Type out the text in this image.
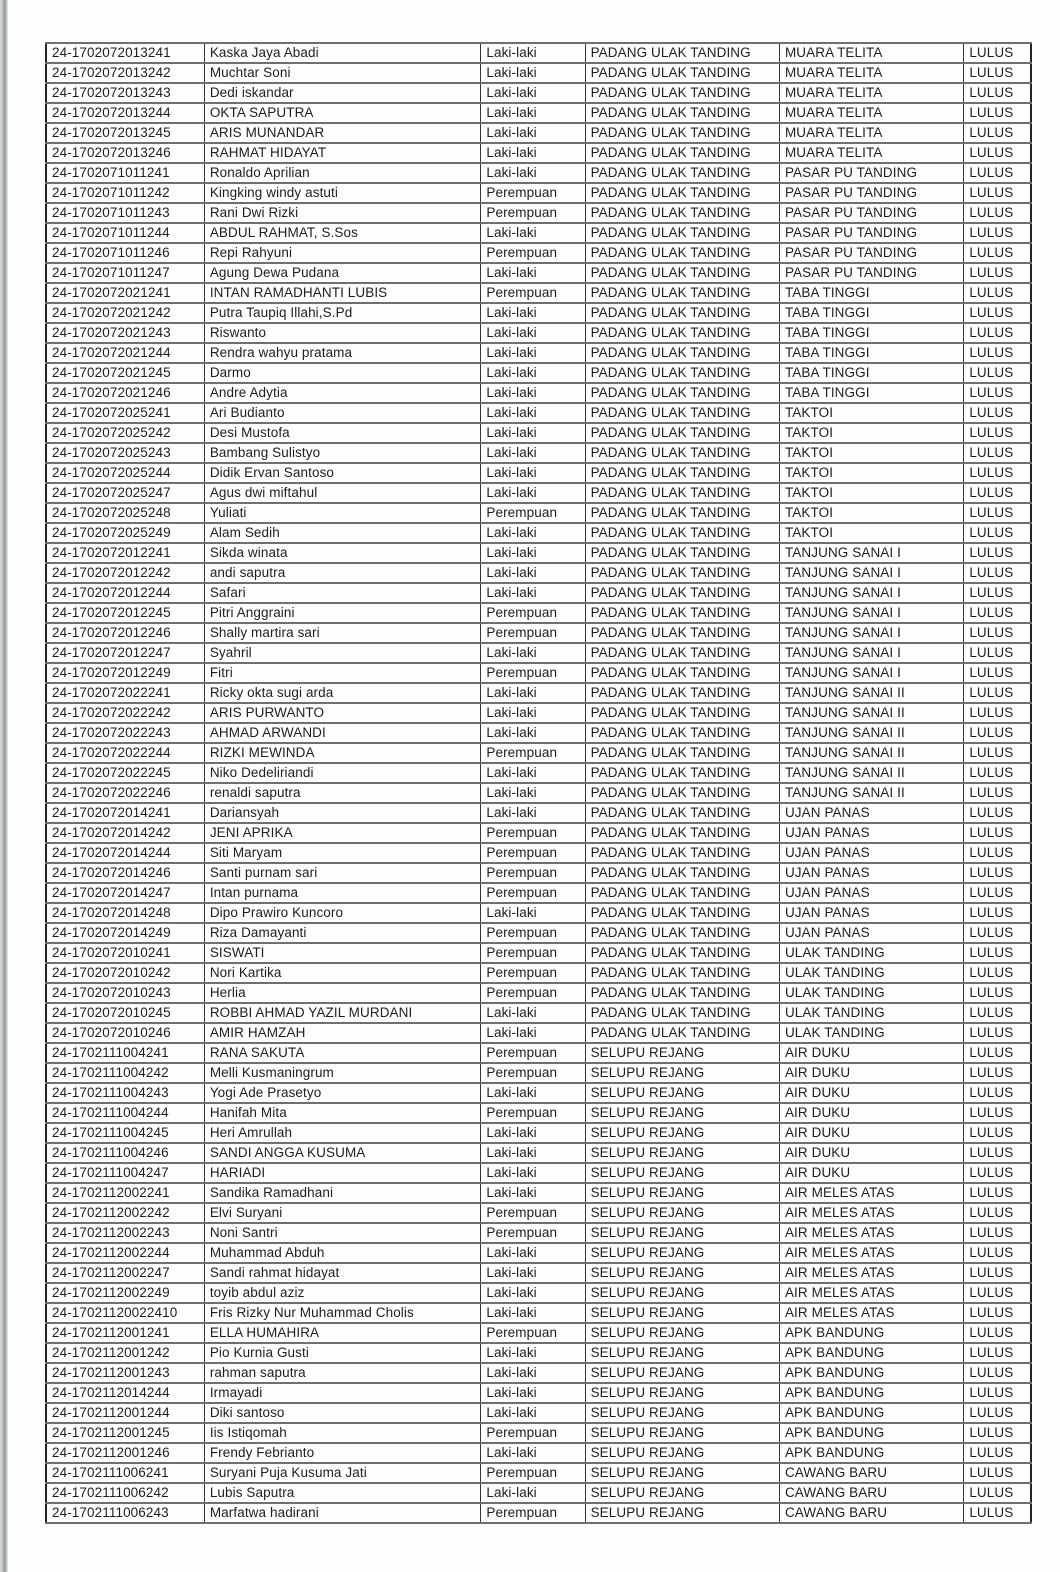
24-1702072013241	Kaska Jaya Abadi	Laki-laki	PADANG ULAK TANDING	MUARA TELITA	LULUS
24-1702072013242	Muchtar Soni	Laki-laki	PADANG ULAK TANDING	MUARA TELITA	LULUS
24-1702072013243	Dedi iskandar	Laki-laki	PADANG ULAK TANDING	MUARA TELITA	LULUS
24-1702072013244	OKTA SAPUTRA	Laki-laki	PADANG ULAK TANDING	MUARA TELITA	LULUS
24-1702072013245	ARIS MUNANDAR	Laki-laki	PADANG ULAK TANDING	MUARA TELITA	LULUS
24-1702072013246	RAHMAT HIDAYAT	Laki-laki	PADANG ULAK TANDING	MUARA TELITA	LULUS
24-1702071011241	Ronaldo Aprilian	Laki-laki	PADANG ULAK TANDING	PASAR PU TANDING	LULUS
24-1702071011242	Kingking windy astuti	Perempuan	PADANG ULAK TANDING	PASAR PU TANDING	LULUS
24-1702071011243	Rani Dwi Rizki	Perempuan	PADANG ULAK TANDING	PASAR PU TANDING	LULUS
24-1702071011244	ABDUL RAHMAT, S.Sos	Laki-laki	PADANG ULAK TANDING	PASAR PU TANDING	LULUS
24-1702071011246	Repi Rahyuni	Perempuan	PADANG ULAK TANDING	PASAR PU TANDING	LULUS
24-1702071011247	Agung Dewa Pudana	Laki-laki	PADANG ULAK TANDING	PASAR PU TANDING	LULUS
24-1702072021241	INTAN RAMADHANTI LUBIS	Perempuan	PADANG ULAK TANDING	TABA TINGGI	LULUS
24-1702072021242	Putra Taupiq Illahi,S.Pd	Laki-laki	PADANG ULAK TANDING	TABA TINGGI	LULUS
24-1702072021243	Riswanto	Laki-laki	PADANG ULAK TANDING	TABA TINGGI	LULUS
24-1702072021244	Rendra wahyu pratama	Laki-laki	PADANG ULAK TANDING	TABA TINGGI	LULUS
24-1702072021245	Darmo	Laki-laki	PADANG ULAK TANDING	TABA TINGGI	LULUS
24-1702072021246	Andre Adytia	Laki-laki	PADANG ULAK TANDING	TABA TINGGI	LULUS
24-1702072025241	Ari Budianto	Laki-laki	PADANG ULAK TANDING	TAKTOI	LULUS
24-1702072025242	Desi Mustofa	Laki-laki	PADANG ULAK TANDING	TAKTOI	LULUS
24-1702072025243	Bambang Sulistyo	Laki-laki	PADANG ULAK TANDING	TAKTOI	LULUS
24-1702072025244	Didik Ervan Santoso	Laki-laki	PADANG ULAK TANDING	TAKTOI	LULUS
24-1702072025247	Agus dwi miftahul	Laki-laki	PADANG ULAK TANDING	TAKTOI	LULUS
24-1702072025248	Yuliati	Perempuan	PADANG ULAK TANDING	TAKTOI	LULUS
24-1702072025249	Alam Sedih	Laki-laki	PADANG ULAK TANDING	TAKTOI	LULUS
24-1702072012241	Sikda winata	Laki-laki	PADANG ULAK TANDING	TANJUNG SANAI I	LULUS
24-1702072012242	andi saputra	Laki-laki	PADANG ULAK TANDING	TANJUNG SANAI I	LULUS
24-1702072012244	Safari	Laki-laki	PADANG ULAK TANDING	TANJUNG SANAI I	LULUS
24-1702072012245	Pitri Anggraini	Perempuan	PADANG ULAK TANDING	TANJUNG SANAI I	LULUS
24-1702072012246	Shally martira sari	Perempuan	PADANG ULAK TANDING	TANJUNG SANAI I	LULUS
24-1702072012247	Syahril	Laki-laki	PADANG ULAK TANDING	TANJUNG SANAI I	LULUS
24-1702072012249	Fitri	Perempuan	PADANG ULAK TANDING	TANJUNG SANAI I	LULUS
24-1702072022241	Ricky okta sugi arda	Laki-laki	PADANG ULAK TANDING	TANJUNG SANAI II	LULUS
24-1702072022242	ARIS PURWANTO	Laki-laki	PADANG ULAK TANDING	TANJUNG SANAI II	LULUS
24-1702072022243	AHMAD ARWANDI	Laki-laki	PADANG ULAK TANDING	TANJUNG SANAI II	LULUS
24-1702072022244	RIZKI MEWINDA	Perempuan	PADANG ULAK TANDING	TANJUNG SANAI II	LULUS
24-1702072022245	Niko Dedeliriandi	Laki-laki	PADANG ULAK TANDING	TANJUNG SANAI II	LULUS
24-1702072022246	renaldi saputra	Laki-laki	PADANG ULAK TANDING	TANJUNG SANAI II	LULUS
24-1702072014241	Dariansyah	Laki-laki	PADANG ULAK TANDING	UJAN PANAS	LULUS
24-1702072014242	JENI APRIKA	Perempuan	PADANG ULAK TANDING	UJAN PANAS	LULUS
24-1702072014244	Siti Maryam	Perempuan	PADANG ULAK TANDING	UJAN PANAS	LULUS
24-1702072014246	Santi purnam sari	Perempuan	PADANG ULAK TANDING	UJAN PANAS	LULUS
24-1702072014247	Intan purnama	Perempuan	PADANG ULAK TANDING	UJAN PANAS	LULUS
24-1702072014248	Dipo Prawiro Kuncoro	Laki-laki	PADANG ULAK TANDING	UJAN PANAS	LULUS
24-1702072014249	Riza Damayanti	Perempuan	PADANG ULAK TANDING	UJAN PANAS	LULUS
24-1702072010241	SISWATI	Perempuan	PADANG ULAK TANDING	ULAK TANDING	LULUS
24-1702072010242	Nori Kartika	Perempuan	PADANG ULAK TANDING	ULAK TANDING	LULUS
24-1702072010243	Herlia	Perempuan	PADANG ULAK TANDING	ULAK TANDING	LULUS
24-1702072010245	ROBBI AHMAD YAZIL MURDANI	Laki-laki	PADANG ULAK TANDING	ULAK TANDING	LULUS
24-1702072010246	AMIR HAMZAH	Laki-laki	PADANG ULAK TANDING	ULAK TANDING	LULUS
24-1702111004241	RANA SAKUTA	Perempuan	SELUPU REJANG	AIR DUKU	LULUS
24-1702111004242	Melli Kusmaningrum	Perempuan	SELUPU REJANG	AIR DUKU	LULUS
24-1702111004243	Yogi Ade Prasetyo	Laki-laki	SELUPU REJANG	AIR DUKU	LULUS
24-1702111004244	Hanifah Mita	Perempuan	SELUPU REJANG	AIR DUKU	LULUS
24-1702111004245	Heri Amrullah	Laki-laki	SELUPU REJANG	AIR DUKU	LULUS
24-1702111004246	SANDI ANGGA KUSUMA	Laki-laki	SELUPU REJANG	AIR DUKU	LULUS
24-1702111004247	HARIADI	Laki-laki	SELUPU REJANG	AIR DUKU	LULUS
24-1702112002241	Sandika Ramadhani	Laki-laki	SELUPU REJANG	AIR MELES ATAS	LULUS
24-1702112002242	Elvi Suryani	Perempuan	SELUPU REJANG	AIR MELES ATAS	LULUS
24-1702112002243	Noni Santri	Perempuan	SELUPU REJANG	AIR MELES ATAS	LULUS
24-1702112002244	Muhammad Abduh	Laki-laki	SELUPU REJANG	AIR MELES ATAS	LULUS
24-1702112002247	Sandi rahmat hidayat	Laki-laki	SELUPU REJANG	AIR MELES ATAS	LULUS
24-1702112002249	toyib abdul aziz	Laki-laki	SELUPU REJANG	AIR MELES ATAS	LULUS
24-17021120022410	Fris Rizky Nur Muhammad Cholis	Laki-laki	SELUPU REJANG	AIR MELES ATAS	LULUS
24-1702112001241	ELLA HUMAHIRA	Perempuan	SELUPU REJANG	APK BANDUNG	LULUS
24-1702112001242	Pio Kurnia Gusti	Laki-laki	SELUPU REJANG	APK BANDUNG	LULUS
24-1702112001243	rahman saputra	Laki-laki	SELUPU REJANG	APK BANDUNG	LULUS
24-1702112014244	Irmayadi	Laki-laki	SELUPU REJANG	APK BANDUNG	LULUS
24-1702112001244	Diki santoso	Laki-laki	SELUPU REJANG	APK BANDUNG	LULUS
24-1702112001245	Iis Istiqomah	Perempuan	SELUPU REJANG	APK BANDUNG	LULUS
24-1702112001246	Frendy Febrianto	Laki-laki	SELUPU REJANG	APK BANDUNG	LULUS
24-1702111006241	Suryani Puja Kusuma Jati	Perempuan	SELUPU REJANG	CAWANG BARU	LULUS
24-1702111006242	Lubis Saputra	Laki-laki	SELUPU REJANG	CAWANG BARU	LULUS
24-1702111006243	Marfatwa hadirani	Perempuan	SELUPU REJANG	CAWANG BARU	LULUS
